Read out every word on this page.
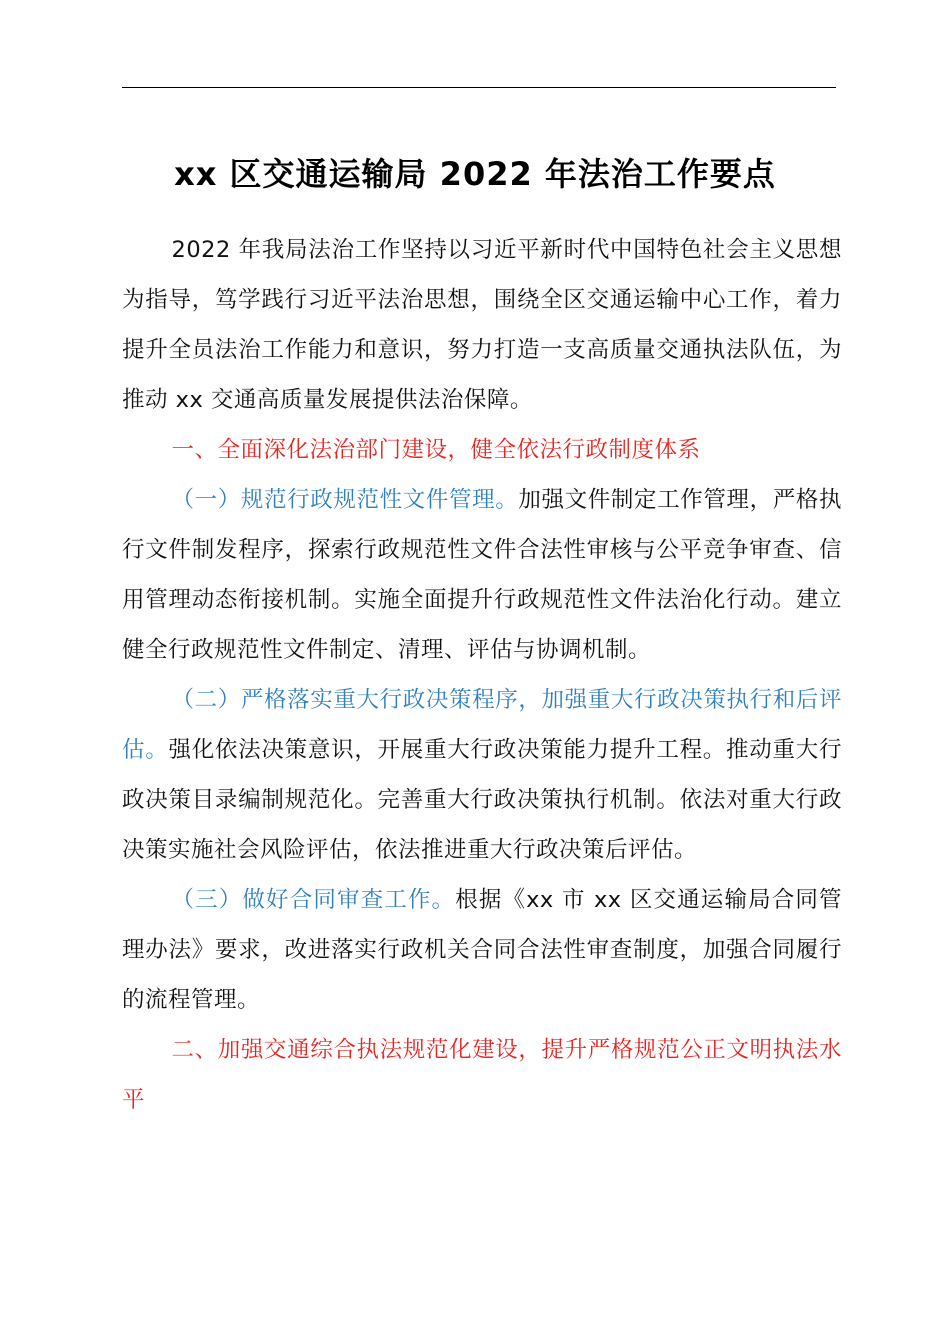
xx 区交通运输局 2022 年法治工作要点

2022 年我局法治工作坚持以习近平新时代中国特色社会主义思想为指导，笃学践行习近平法治思想，围绕全区交通运输中心工作，着力提升全员法治工作能力和意识，努力打造一支高质量交通执法队伍，为推动 xx 交通高质量发展提供法治保障。

一、全面深化法治部门建设，健全依法行政制度体系

（一）规范行政规范性文件管理。加强文件制定工作管理，严格执行文件制发程序，探索行政规范性文件合法性审核与公平竞争审查、信用管理动态衔接机制。实施全面提升行政规范性文件法治化行动。建立健全行政规范性文件制定、清理、评估与协调机制。

（二）严格落实重大行政决策程序，加强重大行政决策执行和后评估。强化依法决策意识，开展重大行政决策能力提升工程。推动重大行政决策目录编制规范化。完善重大行政决策执行机制。依法对重大行政决策实施社会风险评估，依法推进重大行政决策后评估。

（三）做好合同审查工作。根据《xx 市 xx 区交通运输局合同管理办法》要求，改进落实行政机关合同合法性审查制度，加强合同履行的流程管理。

二、加强交通综合执法规范化建设，提升严格规范公正文明执法水平
